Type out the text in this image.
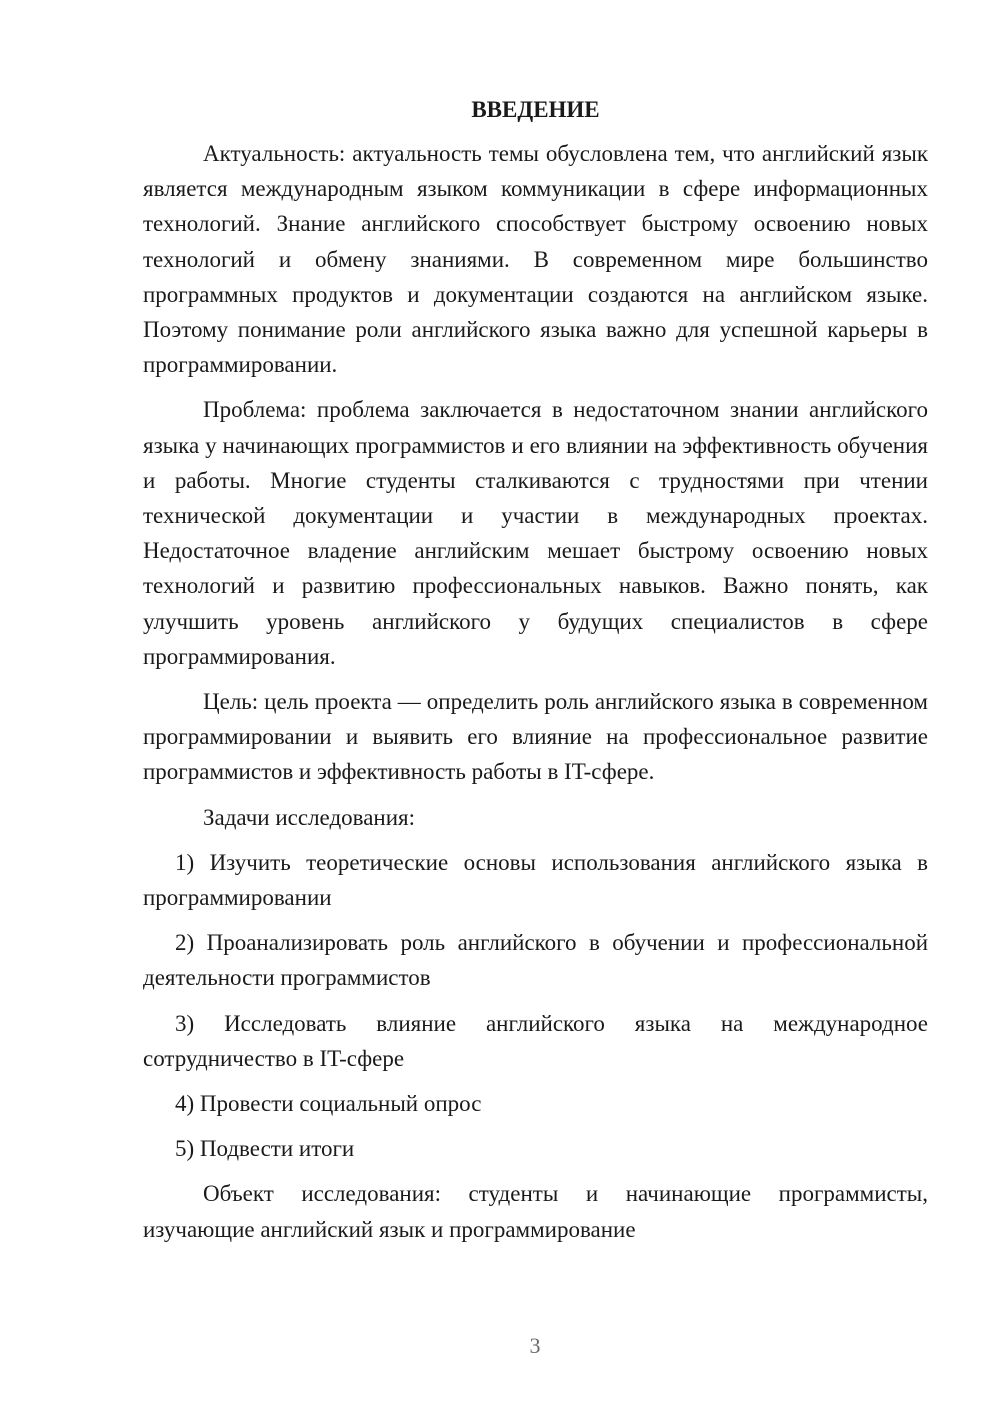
ВВЕДЕНИЕ

Актуальность: актуальность темы обусловлена тем, что английский язык является международным языком коммуникации в сфере информационных технологий. Знание английского способствует быстрому освоению новых технологий и обмену знаниями. В современном мире большинство программных продуктов и документации создаются на английском языке. Поэтому понимание роли английского языка важно для успешной карьеры в программировании.

Проблема: проблема заключается в недостаточном знании английского языка у начинающих программистов и его влиянии на эффективность обучения и работы. Многие студенты сталкиваются с трудностями при чтении технической документации и участии в международных проектах. Недостаточное владение английским мешает быстрому освоению новых технологий и развитию профессиональных навыков. Важно понять, как улучшить уровень английского у будущих специалистов в сфере программирования.

Цель: цель проекта — определить роль английского языка в современном программировании и выявить его влияние на профессиональное развитие программистов и эффективность работы в IT-сфере.

Задачи исследования:

1) Изучить теоретические основы использования английского языка в программировании

2) Проанализировать роль английского в обучении и профессиональной деятельности программистов

3) Исследовать влияние английского языка на международное сотрудничество в IT-сфере

4) Провести социальный опрос

5) Подвести итоги

Объект исследования: студенты и начинающие программисты, изучающие английский язык и программирование

3
